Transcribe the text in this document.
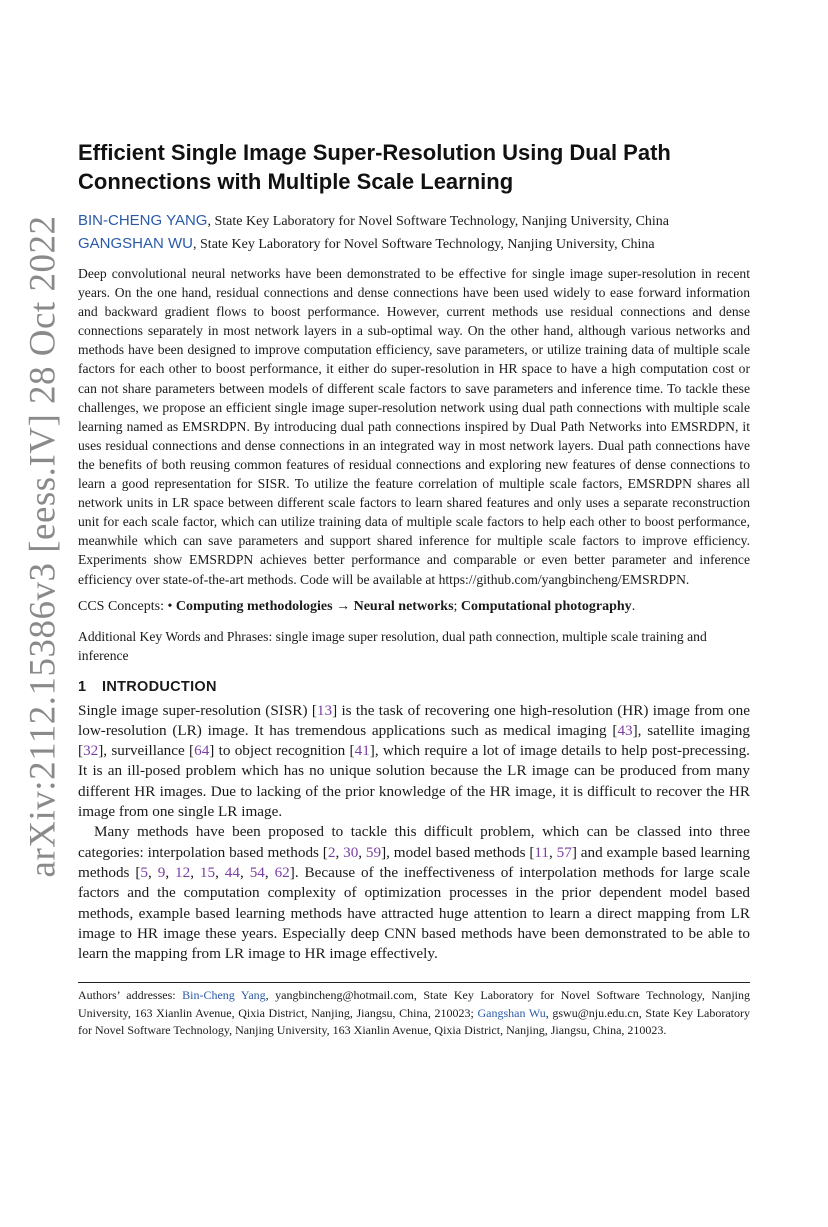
arXiv:2112.15386v3 [eess.IV] 28 Oct 2022
Efficient Single Image Super-Resolution Using Dual Path Connections with Multiple Scale Learning

BIN-CHENG YANG, State Key Laboratory for Novel Software Technology, Nanjing University, China

GANGSHAN WU, State Key Laboratory for Novel Software Technology, Nanjing University, China

Deep convolutional neural networks have been demonstrated to be effective for single image super-resolution in recent years. On the one hand, residual connections and dense connections have been used widely to ease forward information and backward gradient flows to boost performance. However, current methods use residual connections and dense connections separately in most network layers in a sub-optimal way. On the other hand, although various networks and methods have been designed to improve computation efficiency, save parameters, or utilize training data of multiple scale factors for each other to boost performance, it either do super-resolution in HR space to have a high computation cost or can not share parameters between models of different scale factors to save parameters and inference time. To tackle these challenges, we propose an efficient single image super-resolution network using dual path connections with multiple scale learning named as EMSRDPN. By introducing dual path connections inspired by Dual Path Networks into EMSRDPN, it uses residual connections and dense connections in an integrated way in most network layers. Dual path connections have the benefits of both reusing common features of residual connections and exploring new features of dense connections to learn a good representation for SISR. To utilize the feature correlation of multiple scale factors, EMSRDPN shares all network units in LR space between different scale factors to learn shared features and only uses a separate reconstruction unit for each scale factor, which can utilize training data of multiple scale factors to help each other to boost performance, meanwhile which can save parameters and support shared inference for multiple scale factors to improve efficiency. Experiments show EMSRDPN achieves better performance and comparable or even better parameter and inference efficiency over state-of-the-art methods. Code will be available at https://github.com/yangbincheng/EMSRDPN.

CCS Concepts: • Computing methodologies → Neural networks; Computational photography.

Additional Key Words and Phrases: single image super resolution, dual path connection, multiple scale training and inference

1 INTRODUCTION

Single image super-resolution (SISR) [13] is the task of recovering one high-resolution (HR) image from one low-resolution (LR) image. It has tremendous applications such as medical imaging [43], satellite imaging [32], surveillance [64] to object recognition [41], which require a lot of image details to help post-precessing. It is an ill-posed problem which has no unique solution because the LR image can be produced from many different HR images. Due to lacking of the prior knowledge of the HR image, it is difficult to recover the HR image from one single LR image.

Many methods have been proposed to tackle this difficult problem, which can be classed into three categories: interpolation based methods [2, 30, 59], model based methods [11, 57] and example based learning methods [5, 9, 12, 15, 44, 54, 62]. Because of the ineffectiveness of interpolation methods for large scale factors and the computation complexity of optimization processes in the prior dependent model based methods, example based learning methods have attracted huge attention to learn a direct mapping from LR image to HR image these years. Especially deep CNN based methods have been demonstrated to be able to learn the mapping from LR image to HR image effectively.

Authors’ addresses: Bin-Cheng Yang, yangbincheng@hotmail.com, State Key Laboratory for Novel Software Technology, Nanjing University, 163 Xianlin Avenue, Qixia District, Nanjing, Jiangsu, China, 210023; Gangshan Wu, gswu@nju.edu.cn, State Key Laboratory for Novel Software Technology, Nanjing University, 163 Xianlin Avenue, Qixia District, Nanjing, Jiangsu, China, 210023.
